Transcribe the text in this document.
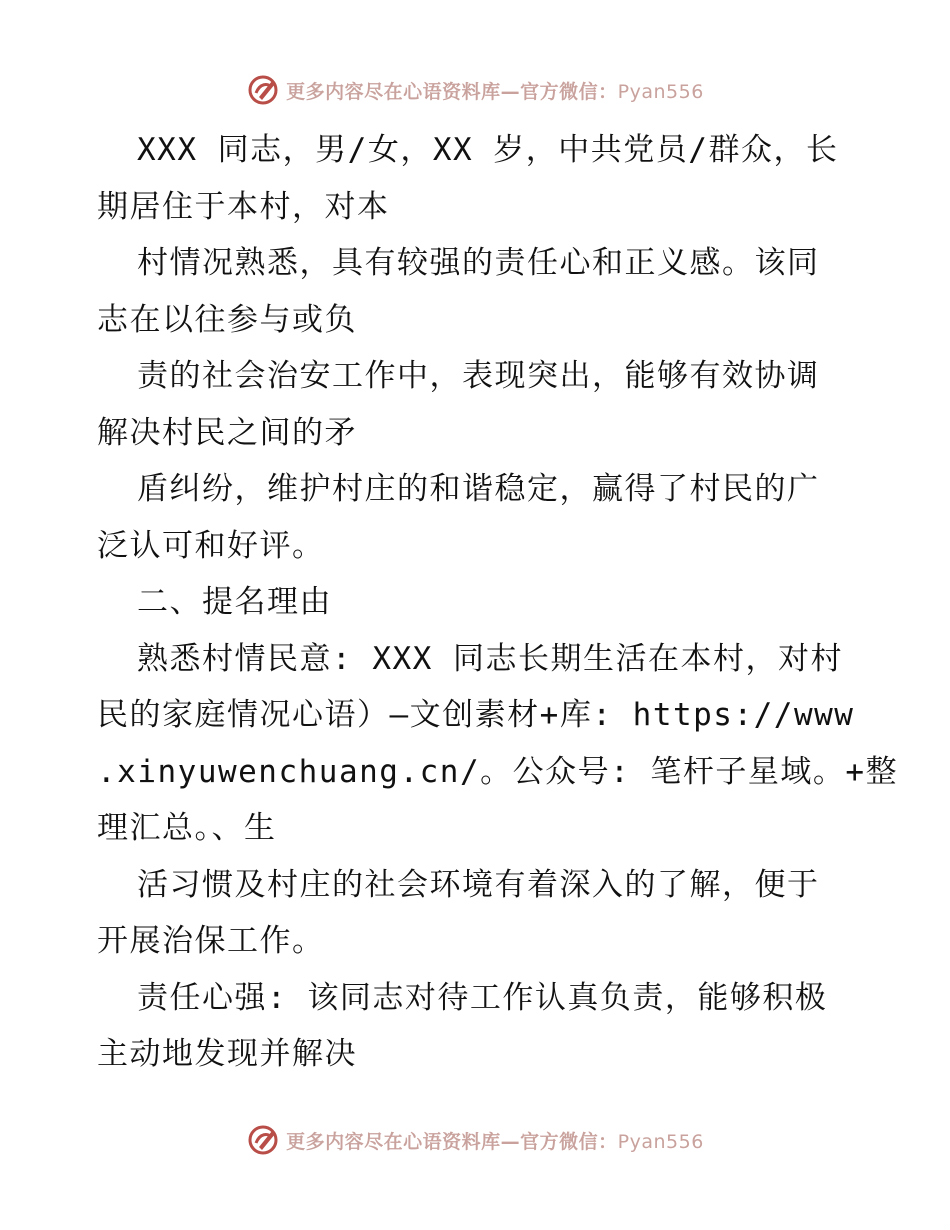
更多内容尽在心语资料库—官方微信：Pyan556
XXX 同志，男/女，XX 岁，中共党员/群众，长
期居住于本村，对本
村情况熟悉，具有较强的责任心和正义感。该同
志在以往参与或负
责的社会治安工作中，表现突出，能够有效协调
解决村民之间的矛
盾纠纷，维护村庄的和谐稳定，赢得了村民的广
泛认可和好评。
二、提名理由
熟悉村情民意: XXX 同志长期生活在本村，对村
民的家庭情况心语）—文创素材+库: https://www
.xinyuwenchuang.cn/。公众号: 笔杆子星域。+整
理汇总。、生
活习惯及村庄的社会环境有着深入的了解，便于
开展治保工作。
责任心强: 该同志对待工作认真负责，能够积极
主动地发现并解决
更多内容尽在心语资料库—官方微信：Pyan556
